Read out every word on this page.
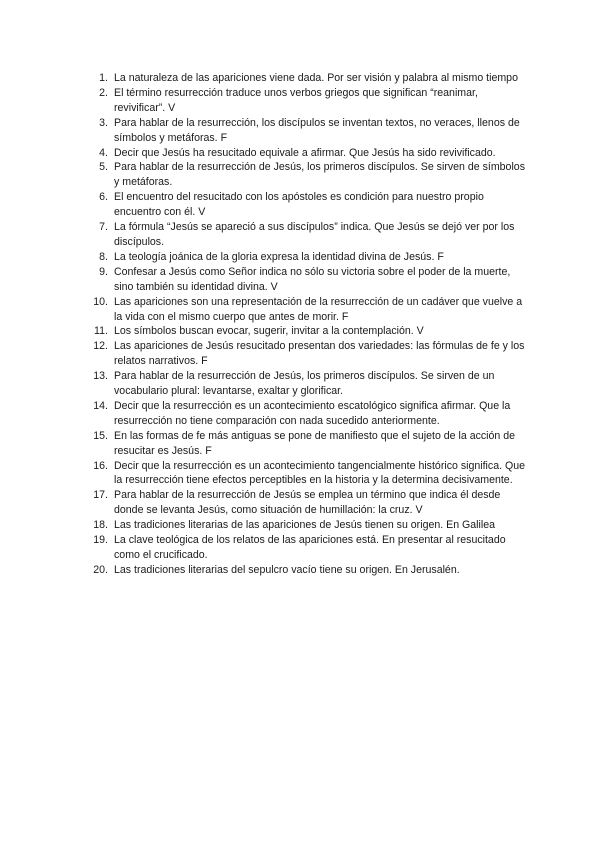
1. La naturaleza de las apariciones viene dada. Por ser visión y palabra al mismo tiempo
2. El término resurrección traduce unos verbos griegos que significan “reanimar, revivificar”. V
3. Para hablar de la resurrección, los discípulos se inventan textos, no veraces, llenos de símbolos y metáforas. F
4. Decir que Jesús ha resucitado equivale a afirmar. Que Jesús ha sido revivificado.
5. Para hablar de la resurrección de Jesús, los primeros discípulos. Se sirven de símbolos y metáforas.
6. El encuentro del resucitado con los apóstoles es condición para nuestro propio encuentro con él. V
7. La fórmula “Jesús se apareció a sus discípulos” indica. Que Jesús se dejó ver por los discípulos.
8. La teología joánica de la gloria expresa la identidad divina de Jesús. F
9. Confesar a Jesús como Señor indica no sólo su victoria sobre el poder de la muerte, sino también su identidad divina. V
10. Las apariciones son una representación de la resurrección de un cadáver que vuelve a la vida con el mismo cuerpo que antes de morir. F
11. Los símbolos buscan evocar, sugerir, invitar a la contemplación. V
12. Las apariciones de Jesús resucitado presentan dos variedades: las fórmulas de fe y los relatos narrativos. F
13. Para hablar de la resurrección de Jesús, los primeros discípulos. Se sirven de un vocabulario plural: levantarse, exaltar y glorificar.
14. Decir que la resurrección es un acontecimiento escatológico significa afirmar. Que la resurrección no tiene comparación con nada sucedido anteriormente.
15. En las formas de fe más antiguas se pone de manifiesto que el sujeto de la acción de resucitar es Jesús. F
16. Decir que la resurrección es un acontecimiento tangencialmente histórico significa. Que la resurrección tiene efectos perceptibles en la historia y la determina decisivamente.
17. Para hablar de la resurrección de Jesús se emplea un término que indica él desde donde se levanta Jesús, como situación de humillación: la cruz. V
18. Las tradiciones literarias de las apariciones de Jesús tienen su origen. En Galilea
19. La clave teológica de los relatos de las apariciones está. En presentar al resucitado como el crucificado.
20. Las tradiciones literarias del sepulcro vacío tiene su origen. En Jerusalén.
